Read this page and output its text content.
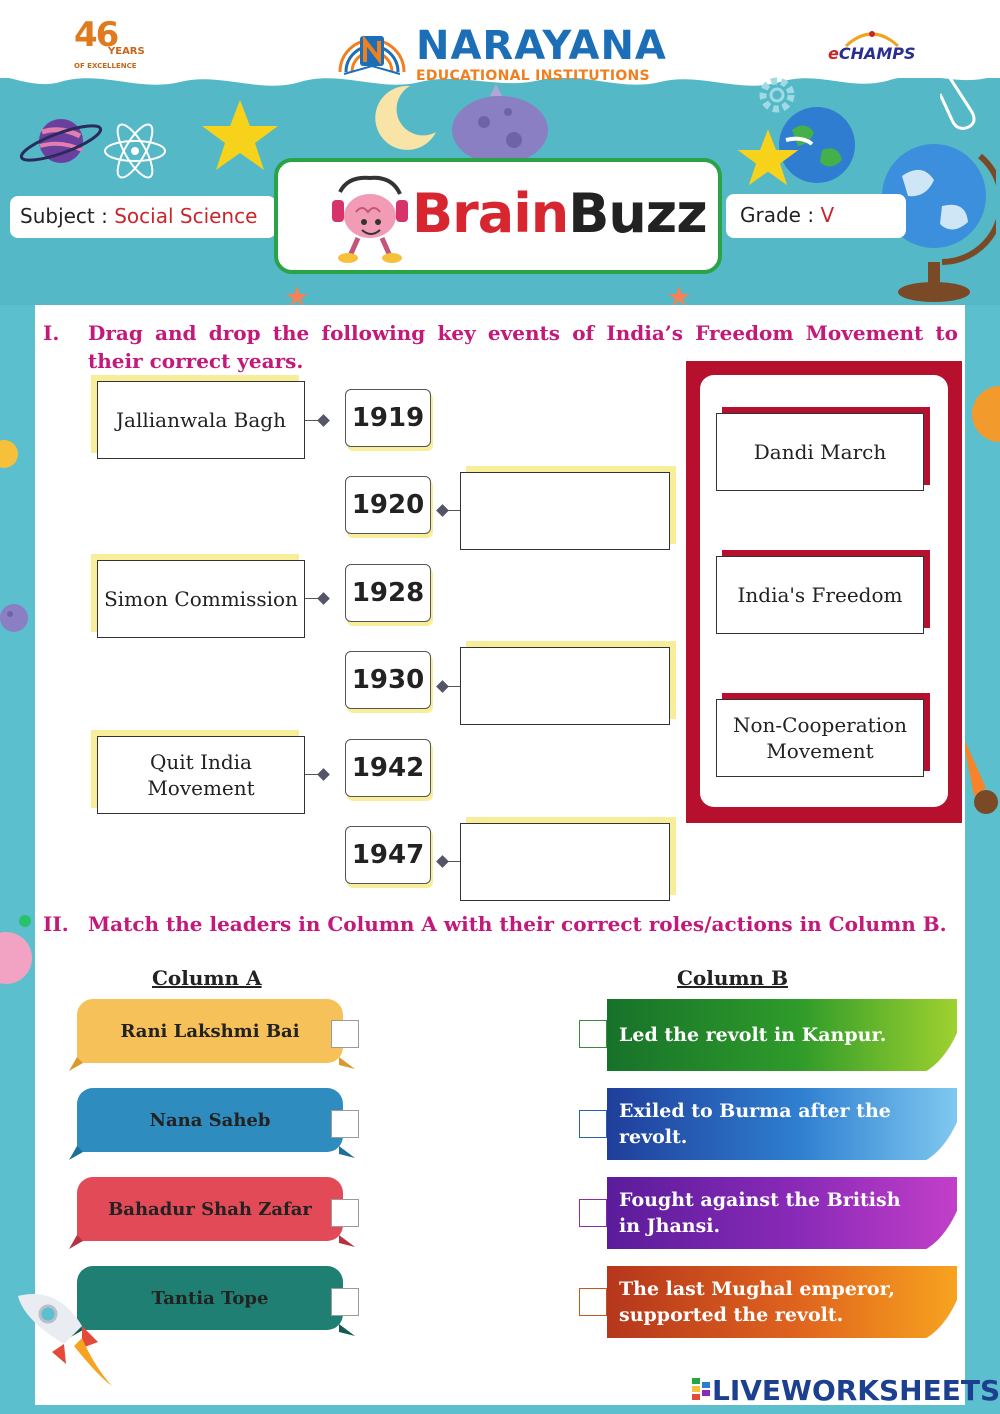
46
YEARS
OF EXCELLENCE	NARAYANA
EDUCATIONAL INSTITUTIONS
eCHAMPS
Subject : Social Science	BrainBuzz	Grade : V
I. Drag and drop the following key events of India’s Freedom Movement to their correct years.
Jallianwala Bagh	1919
1920
Simon Commission 1928
1930
Quit India Movement
1942
1947
Dandi March
India's Freedom
Non-Cooperation Movement
II. Match the leaders in Column A with their correct roles/actions in Column B.
Column A	Column B
Rani Lakshmi Bai
Nana Saheb
Bahadur Shah Zafar
Tantia Tope
Led the revolt in Kanpur.
Exiled to Burma after the revolt.
Fought against the British in Jhansi.
The last Mughal emperor, supported the revolt.
LIVEWORKSHEETS
